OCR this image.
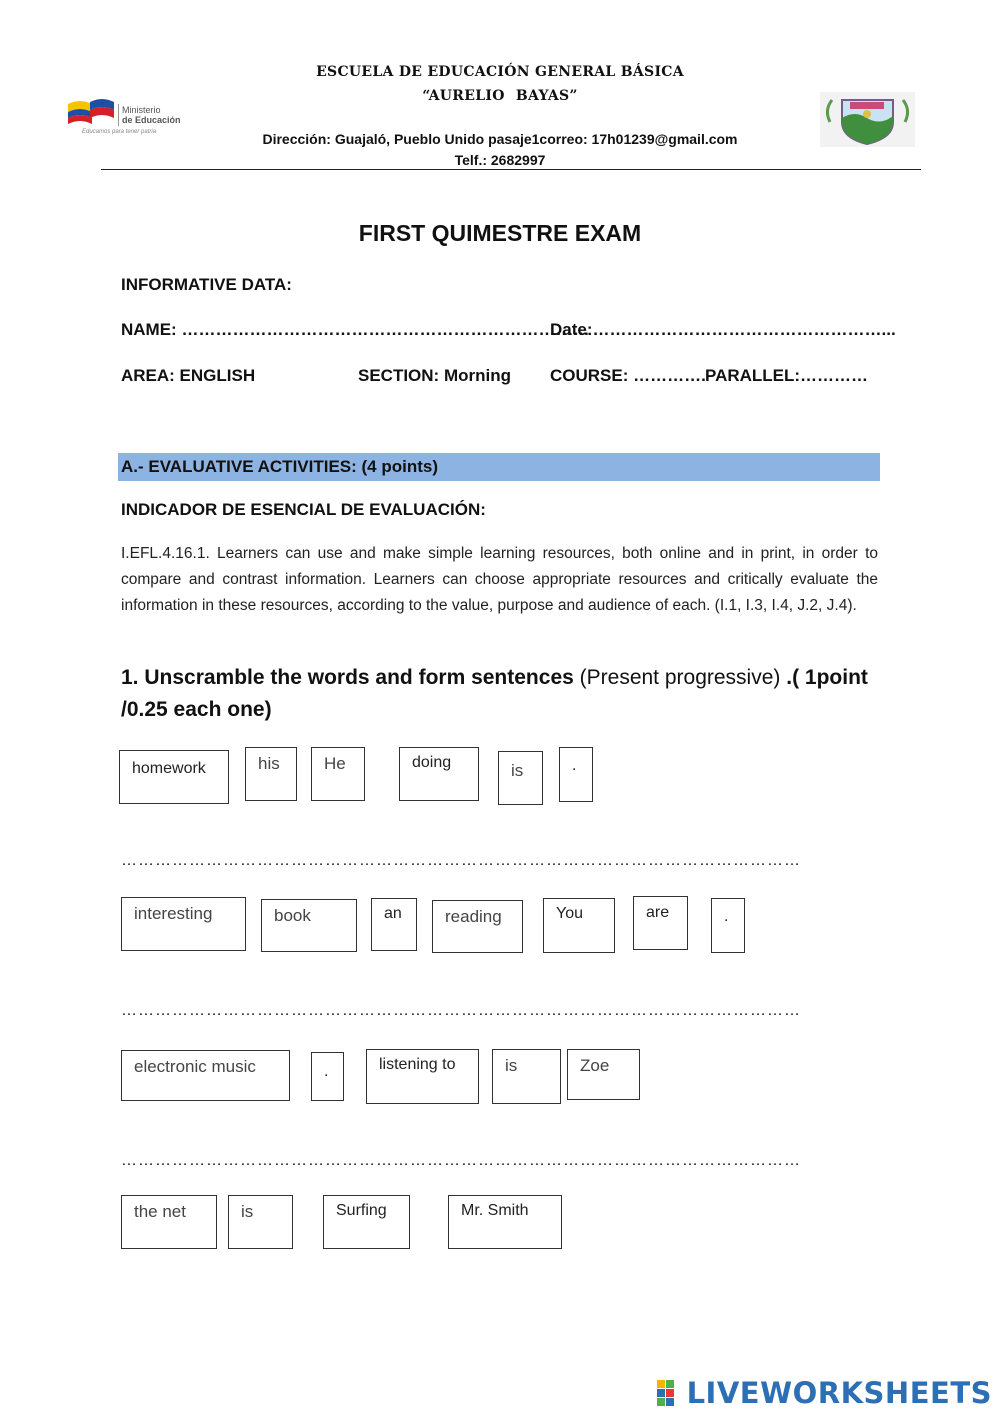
Ministerio
de Educación
Educamos para tener patria
ESCUELA DE EDUCACIÓN GENERAL BÁSICA
“AURELIO BAYAS”
Dirección: Guajaló, Pueblo Unido pasaje1correo: 17h01239@gmail.com
Telf.: 2682997
FIRST QUIMESTRE EXAM
INFORMATIVE DATA:
NAME: ………………………………………………………………
Date:……………………………………………...
AREA: ENGLISH	SECTION: Morning COURSE: …………. PARALLEL:…………
A.- EVALUATIVE ACTIVITIES: (4 points)
INDICADOR DE ESENCIAL DE EVALUACIÓN:
I.EFL.4.16.1. Learners can use and make simple learning resources, both online and in print, in order to compare and contrast information. Learners can choose appropriate resources and critically evaluate the information in these resources, according to the value, purpose and audience of each. (I.1, I.3, I.4, J.2, J.4).
1. Unscramble the words and form sentences (Present progressive) .( 1point /0.25 each one)
homework	his	He	doing	is	.
…………………………………………………………………………………………………………
interesting	book	an	reading	You	are	.
…………………………………………………………………………………………………………
electronic music	.	listening to	is	Zoe
…………………………………………………………………………………………………………
the net	is	Surfing	Mr. Smith
LIVEWORKSHEETS
